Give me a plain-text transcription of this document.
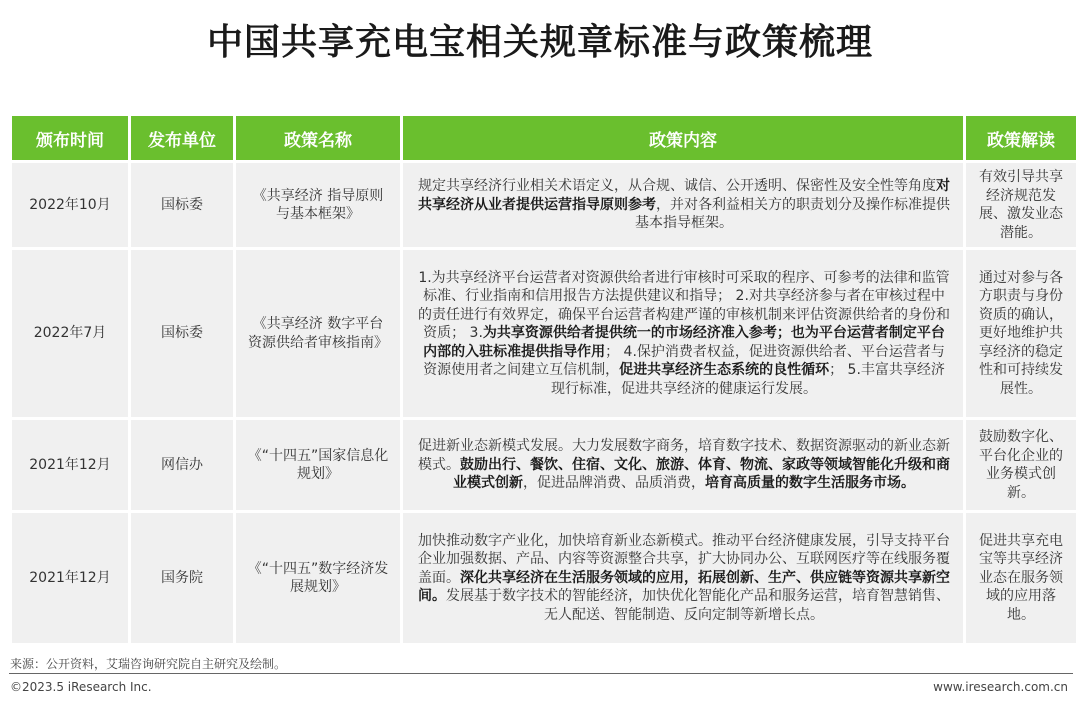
中国共享充电宝相关规章标准与政策梳理
颁布时间	发布单位	政策名称	政策内容	政策解读
2022年10月	国标委	《共享经济 指导原则与基本框架》	规定共享经济行业相关术语定义，从合规、诚信、公开透明、保密性及安全性等角度对共享经济从业者提供运营指导原则参考，并对各利益相关方的职责划分及操作标准提供基本指导框架。	有效引导共享经济规范发展、激发业态潜能。
2022年7月	国标委	《共享经济 数字平台资源供给者审核指南》	1.为共享经济平台运营者对资源供给者进行审核时可采取的程序、可参考的法律和监管标准、行业指南和信用报告方法提供建议和指导； 2.对共享经济参与者在审核过程中的责任进行有效界定，确保平台运营者构建严谨的审核机制来评估资源供给者的身份和资质； 3.为共享资源供给者提供统一的市场经济准入参考；也为平台运营者制定平台内部的入驻标准提供指导作用； 4.保护消费者权益，促进资源供给者、平台运营者与资源使用者之间建立互信机制，促进共享经济生态系统的良性循环； 5.丰富共享经济现行标准，促进共享经济的健康运行发展。	通过对参与各方职责与身份资质的确认，更好地维护共享经济的稳定性和可持续发展性。
2021年12月	网信办	《“十四五”国家信息化规划》	促进新业态新模式发展。大力发展数字商务，培育数字技术、数据资源驱动的新业态新模式。鼓励出行、餐饮、住宿、文化、旅游、体育、物流、家政等领域智能化升级和商业模式创新，促进品牌消费、品质消费，培育高质量的数字生活服务市场。	鼓励数字化、平台化企业的业务模式创新。
2021年12月	国务院	《“十四五”数字经济发展规划》	加快推动数字产业化，加快培育新业态新模式。推动平台经济健康发展，引导支持平台企业加强数据、产品、内容等资源整合共享，扩大协同办公、互联网医疗等在线服务覆盖面。深化共享经济在生活服务领域的应用，拓展创新、生产、供应链等资源共享新空间。发展基于数字技术的智能经济，加快优化智能化产品和服务运营，培育智慧销售、无人配送、智能制造、反向定制等新增长点。	促进共享充电宝等共享经济业态在服务领域的应用落地。
来源：公开资料，艾瑞咨询研究院自主研究及绘制。
©2023.5 iResearch Inc.	www.iresearch.com.cn
